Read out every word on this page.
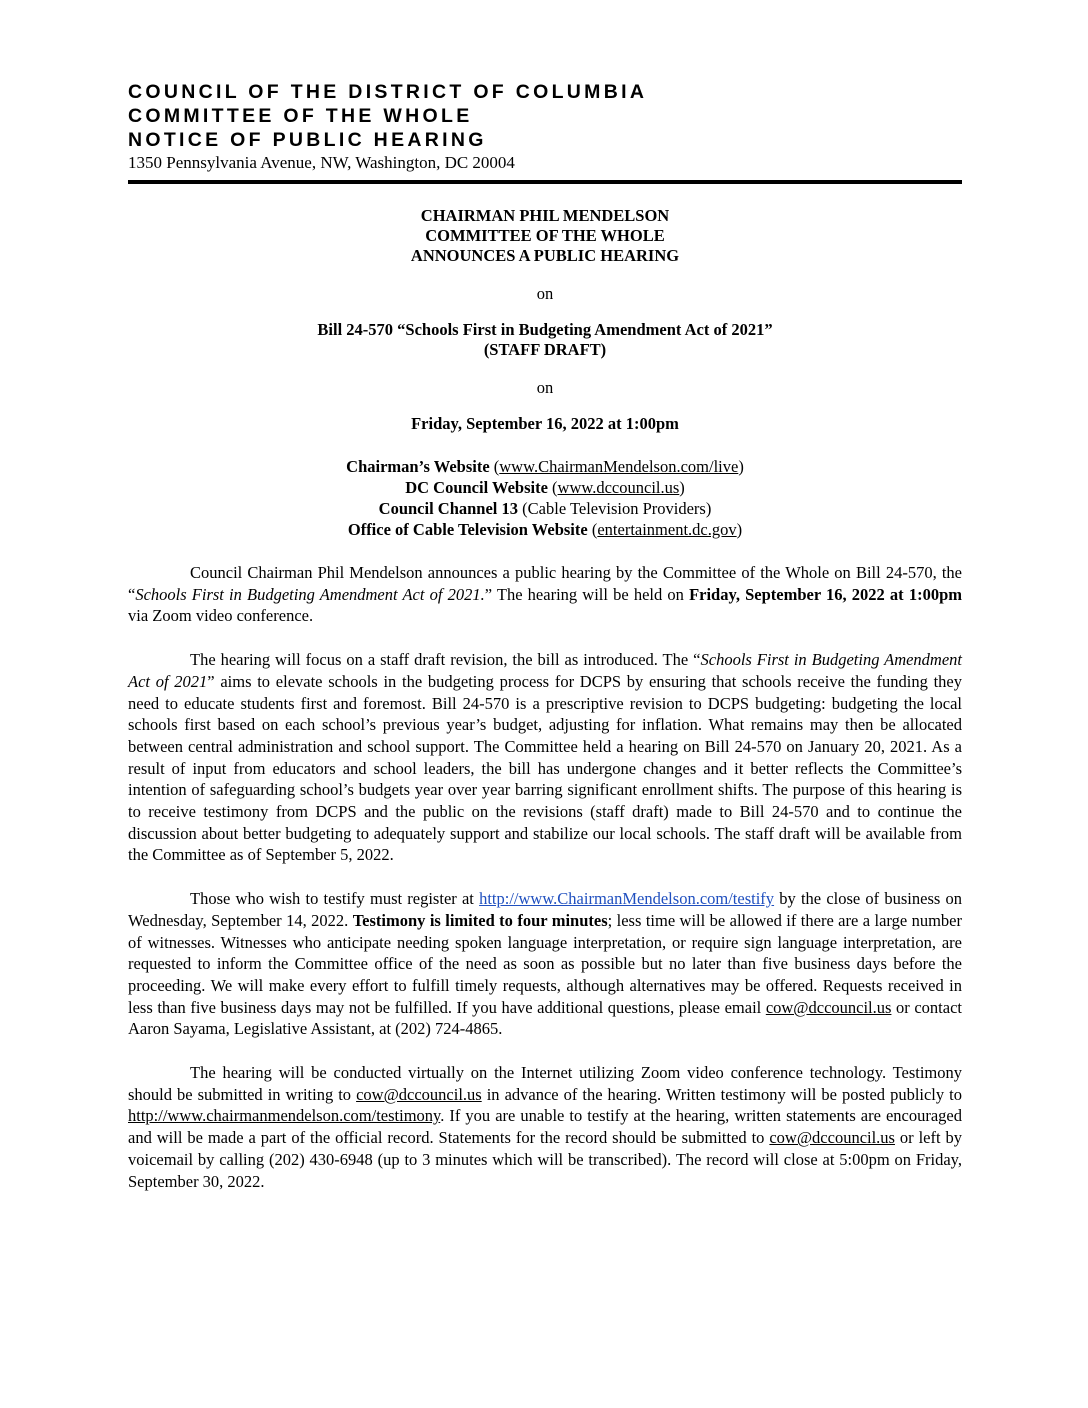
COUNCIL OF THE DISTRICT OF COLUMBIA
COMMITTEE OF THE WHOLE
NOTICE OF PUBLIC HEARING
1350 Pennsylvania Avenue, NW, Washington, DC 20004
CHAIRMAN PHIL MENDELSON
COMMITTEE OF THE WHOLE
ANNOUNCES A PUBLIC HEARING
on
Bill 24-570 “Schools First in Budgeting Amendment Act of 2021”
(STAFF DRAFT)
on
Friday, September 16, 2022 at 1:00pm
Chairman’s Website (www.ChairmanMendelson.com/live)
DC Council Website (www.dccouncil.us)
Council Channel 13 (Cable Television Providers)
Office of Cable Television Website (entertainment.dc.gov)

Council Chairman Phil Mendelson announces a public hearing by the Committee of the Whole on Bill 24-570, the “Schools First in Budgeting Amendment Act of 2021.” The hearing will be held on Friday, September 16, 2022 at 1:00pm via Zoom video conference.

The hearing will focus on a staff draft revision, the bill as introduced. The “Schools First in Budgeting Amendment Act of 2021” aims to elevate schools in the budgeting process for DCPS by ensuring that schools receive the funding they need to educate students first and foremost. Bill 24-570 is a prescriptive revision to DCPS budgeting: budgeting the local schools first based on each school’s previous year’s budget, adjusting for inflation. What remains may then be allocated between central administration and school support. The Committee held a hearing on Bill 24-570 on January 20, 2021. As a result of input from educators and school leaders, the bill has undergone changes and it better reflects the Committee’s intention of safeguarding school’s budgets year over year barring significant enrollment shifts. The purpose of this hearing is to receive testimony from DCPS and the public on the revisions (staff draft) made to Bill 24-570 and to continue the discussion about better budgeting to adequately support and stabilize our local schools. The staff draft will be available from the Committee as of September 5, 2022.

Those who wish to testify must register at http://www.ChairmanMendelson.com/testify by the close of business on Wednesday, September 14, 2022. Testimony is limited to four minutes; less time will be allowed if there are a large number of witnesses. Witnesses who anticipate needing spoken language interpretation, or require sign language interpretation, are requested to inform the Committee office of the need as soon as possible but no later than five business days before the proceeding. We will make every effort to fulfill timely requests, although alternatives may be offered. Requests received in less than five business days may not be fulfilled. If you have additional questions, please email cow@dccouncil.us or contact Aaron Sayama, Legislative Assistant, at (202) 724-4865.

The hearing will be conducted virtually on the Internet utilizing Zoom video conference technology. Testimony should be submitted in writing to cow@dccouncil.us in advance of the hearing. Written testimony will be posted publicly to http://www.chairmanmendelson.com/testimony. If you are unable to testify at the hearing, written statements are encouraged and will be made a part of the official record. Statements for the record should be submitted to cow@dccouncil.us or left by voicemail by calling (202) 430-6948 (up to 3 minutes which will be transcribed). The record will close at 5:00pm on Friday, September 30, 2022.
